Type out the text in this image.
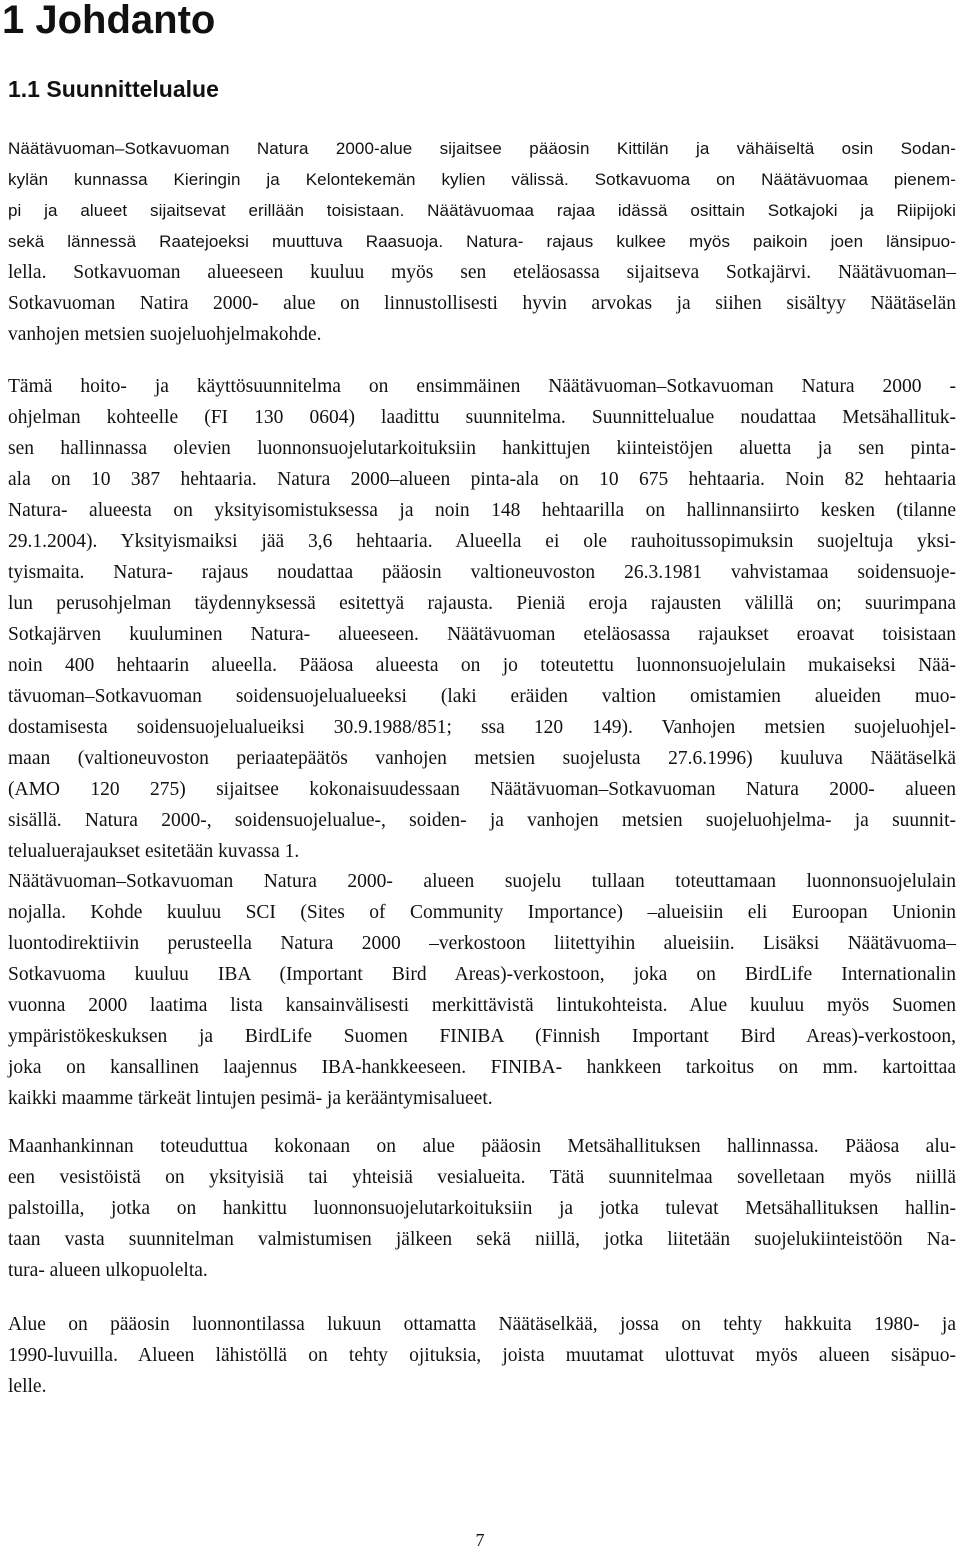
1 Johdanto
1.1 Suunnittelualue
Näätävuoman–Sotkavuoman Natura 2000-alue sijaitsee pääosin Kittilän ja vähäiseltä osin Sodan-
kylän kunnassa Kieringin ja Kelontekemän kylien välissä. Sotkavuoma on Näätävuomaa pienem-
pi ja alueet sijaitsevat erillään toisistaan. Näätävuomaa rajaa idässä osittain Sotkajoki ja Riipijoki
sekä lännessä Raatejoeksi muuttuva Raasuoja. Natura- rajaus kulkee myös paikoin joen länsipuo-
lella. Sotkavuoman alueeseen kuuluu myös sen eteläosassa sijaitseva Sotkajärvi. Näätävuoman–
Sotkavuoman Natira 2000- alue on linnustollisesti hyvin arvokas ja siihen sisältyy Näätäselän
vanhojen metsien suojeluohjelmakohde.
Tämä hoito- ja käyttösuunnitelma on ensimmäinen Näätävuoman–Sotkavuoman Natura 2000 -
ohjelman kohteelle (FI 130 0604) laadittu suunnitelma. Suunnittelualue noudattaa Metsähallituk-
sen hallinnassa olevien luonnonsuojelutarkoituksiin hankittujen kiinteistöjen aluetta ja sen pinta-
ala on 10 387 hehtaaria. Natura 2000–alueen pinta-ala on 10 675 hehtaaria. Noin 82 hehtaaria
Natura- alueesta on yksityisomistuksessa ja noin 148 hehtaarilla on hallinnansiirto kesken (tilanne
29.1.2004). Yksityismaiksi jää 3,6 hehtaaria. Alueella ei ole rauhoitussopimuksin suojeltuja yksi-
tyismaita. Natura- rajaus noudattaa pääosin valtioneuvoston 26.3.1981 vahvistamaa soidensuoje-
lun perusohjelman täydennyksessä esitettyä rajausta. Pieniä eroja rajausten välillä on; suurimpana
Sotkajärven kuuluminen Natura- alueeseen. Näätävuoman eteläosassa rajaukset eroavat toisistaan
noin 400 hehtaarin alueella. Pääosa alueesta on jo toteutettu luonnonsuojelulain mukaiseksi Nää-
tävuoman–Sotkavuoman soidensuojelualueeksi (laki eräiden valtion omistamien alueiden muo-
dostamisesta soidensuojelualueiksi 30.9.1988/851; ssa 120 149). Vanhojen metsien suojeluohjel-
maan (valtioneuvoston periaatepäätös vanhojen metsien suojelusta 27.6.1996) kuuluva Näätäselkä
(AMO 120 275) sijaitsee kokonaisuudessaan Näätävuoman–Sotkavuoman Natura 2000- alueen
sisällä. Natura 2000-, soidensuojelualue-, soiden- ja vanhojen metsien suojeluohjelma- ja suunnit-
telualuerajaukset esitetään kuvassa 1.
Näätävuoman–Sotkavuoman Natura 2000- alueen suojelu tullaan toteuttamaan luonnonsuojelulain
nojalla. Kohde kuuluu SCI (Sites of Community Importance) –alueisiin eli Euroopan Unionin
luontodirektiivin perusteella Natura 2000 –verkostoon liitettyihin alueisiin. Lisäksi Näätävuoma–
Sotkavuoma kuuluu IBA (Important Bird Areas)-verkostoon, joka on BirdLife Internationalin
vuonna 2000 laatima lista kansainvälisesti merkittävistä lintukohteista. Alue kuuluu myös Suomen
ympäristökeskuksen ja BirdLife Suomen FINIBA (Finnish Important Bird Areas)-verkostoon,
joka on kansallinen laajennus IBA-hankkeeseen. FINIBA- hankkeen tarkoitus on mm. kartoittaa
kaikki maamme tärkeät lintujen pesimä- ja kerääntymisalueet.
Maanhankinnan toteuduttua kokonaan on alue pääosin Metsähallituksen hallinnassa. Pääosa alu-
een vesistöistä on yksityisiä tai yhteisiä vesialueita. Tätä suunnitelmaa sovelletaan myös niillä
palstoilla, jotka on hankittu luonnonsuojelutarkoituksiin ja jotka tulevat Metsähallituksen hallin-
taan vasta suunnitelman valmistumisen jälkeen sekä niillä, jotka liitetään suojelukiinteistöön Na-
tura- alueen ulkopuolelta.
Alue on pääosin luonnontilassa lukuun ottamatta Näätäselkää, jossa on tehty hakkuita 1980- ja
1990-luvuilla. Alueen lähistöllä on tehty ojituksia, joista muutamat ulottuvat myös alueen sisäpuo-
lelle.

7
